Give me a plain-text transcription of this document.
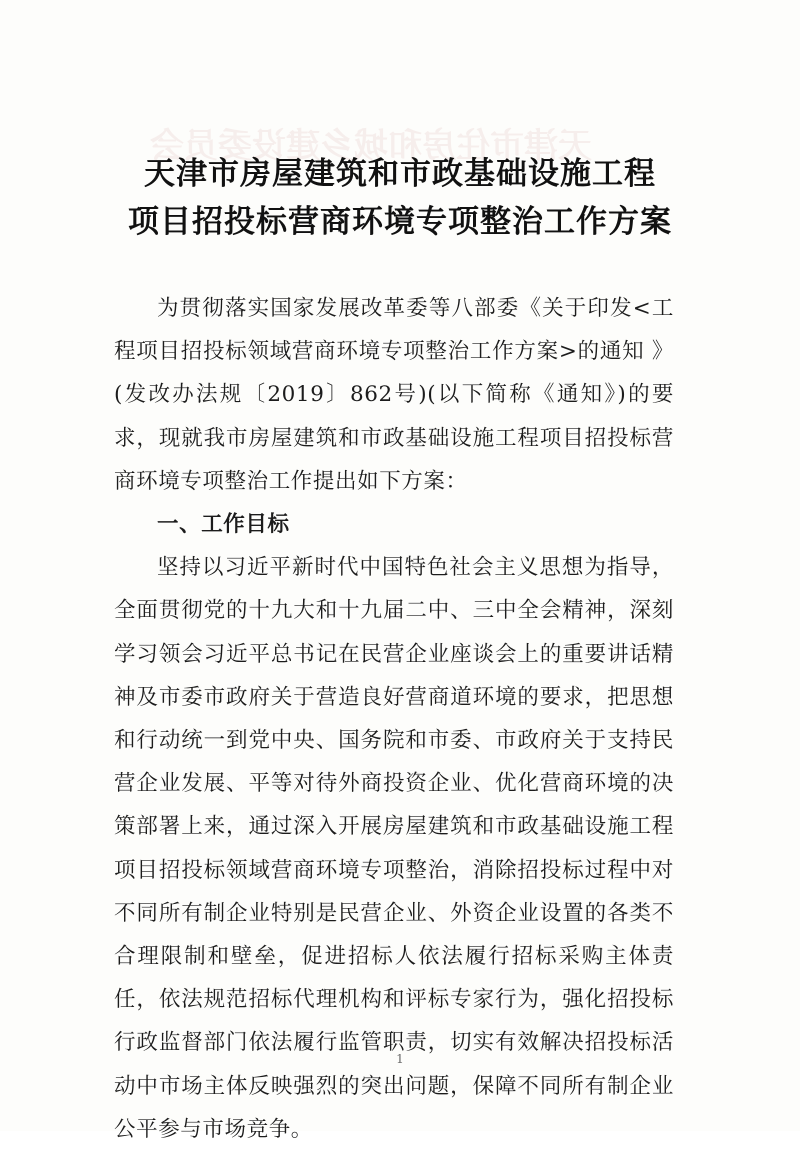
天津市住房和城乡建设委员会
天津市房屋建筑和市政基础设施工程
项目招投标营商环境专项整治工作方案

为贯彻落实国家发展改革委等八部委《关于印发<工程项目招投标领域营商环境专项整治工作方案>的通知 》(发改办法规〔2019〕862号)(以下简称《通知》)的要求，现就我市房屋建筑和市政基础设施工程项目招投标营商环境专项整治工作提出如下方案：

一、工作目标

坚持以习近平新时代中国特色社会主义思想为指导，全面贯彻党的十九大和十九届二中、三中全会精神，深刻学习领会习近平总书记在民营企业座谈会上的重要讲话精神及市委市政府关于营造良好营商道环境的要求，把思想和行动统一到党中央、国务院和市委、市政府关于支持民营企业发展、平等对待外商投资企业、优化营商环境的决策部署上来，通过深入开展房屋建筑和市政基础设施工程项目招投标领域营商环境专项整治，消除招投标过程中对不同所有制企业特别是民营企业、外资企业设置的各类不合理限制和壁垒，促进招标人依法履行招标采购主体责任，依法规范招标代理机构和评标专家行为，强化招投标行政监督部门依法履行监管职责，切实有效解决招投标活动中市场主体反映强烈的突出问题，保障不同所有制企业公平参与市场竞争。

1
